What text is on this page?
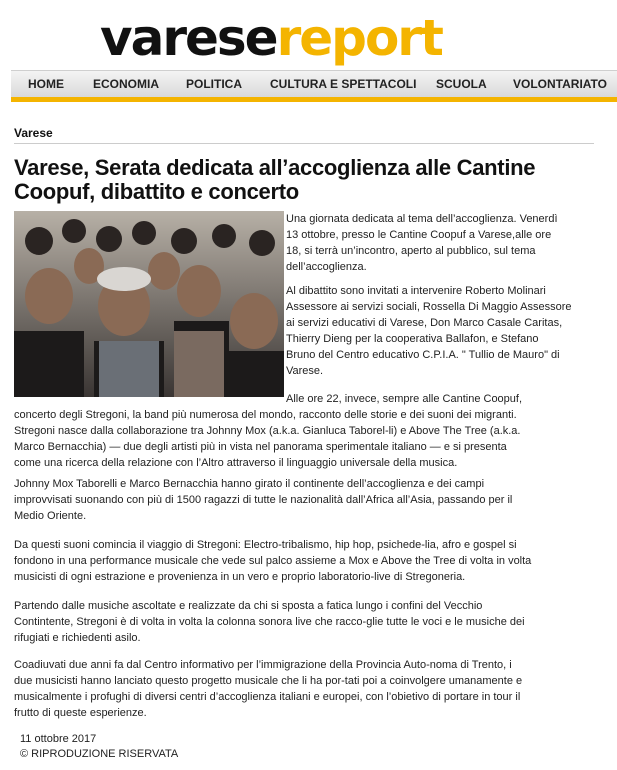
varesereport
HOME ECONOMIA POLITICA CULTURA E SPETTACOLI SCUOLA VOLONTARIATO
Varese
Varese, Serata dedicata all’accoglienza alle Cantine Coopuf, dibattito e concerto

Una giornata dedicata al tema dell’accoglienza. Venerdì
13 ottobre, presso le Cantine Coopuf a Varese,alle ore
18, si terrà un’incontro, aperto al pubblico, sul tema
dell’accoglienza.

Al dibattito sono invitati a intervenire Roberto Molinari
Assessore ai servizi sociali, Rossella Di Maggio Assessore
ai servizi educativi di Varese, Don Marco Casale Caritas,
Thierry Dieng per la cooperativa Ballafon, e Stefano
Bruno del Centro educativo C.P.I.A. " Tullio de Mauro" di
Varese.

Alle ore 22, invece, sempre alle Cantine Coopuf,

concerto degli Stregoni, la band più numerosa del mondo, racconto delle storie e dei suoni dei migranti.
Stregoni nasce dalla collaborazione tra Johnny Mox (a.k.a. Gianluca Taborel-li) e Above The Tree (a.k.a.
Marco Bernacchia) — due degli artisti più in vista nel panorama sperimentale italiano — e si presenta
come una ricerca della relazione con l’Altro attraverso il linguaggio universale della musica.

Johnny Mox Taborelli e Marco Bernacchia hanno girato il continente dell’accoglienza e dei campi
improvvisati suonando con più di 1500 ragazzi di tutte le nazionalità dall’Africa all’Asia, passando per il
Medio Oriente.

Da questi suoni comincia il viaggio di Stregoni: Electro-tribalismo, hip hop, psichede-lia, afro e gospel si
fondono in una performance musicale che vede sul palco assieme a Mox e Above the Tree di volta in volta
musicisti di ogni estrazione e provenienza in un vero e proprio laboratorio-live di Stregoneria.

Partendo dalle musiche ascoltate e realizzate da chi si sposta a fatica lungo i confini del Vecchio
Contintente, Stregoni è di volta in volta la colonna sonora live che racco-glie tutte le voci e le musiche dei
rifugiati e richiedenti asilo.

Coadiuvati due anni fa dal Centro informativo per l’immigrazione della Provincia Auto-noma di Trento, i
due musicisti hanno lanciato questo progetto musicale che li ha por-tati poi a coinvolgere umanamente e
musicalmente i profughi di diversi centri d’accoglienza italiani e europei, con l’obietivo di portare in tour il
frutto di queste esperienze.

11 ottobre 2017
© RIPRODUZIONE RISERVATA
